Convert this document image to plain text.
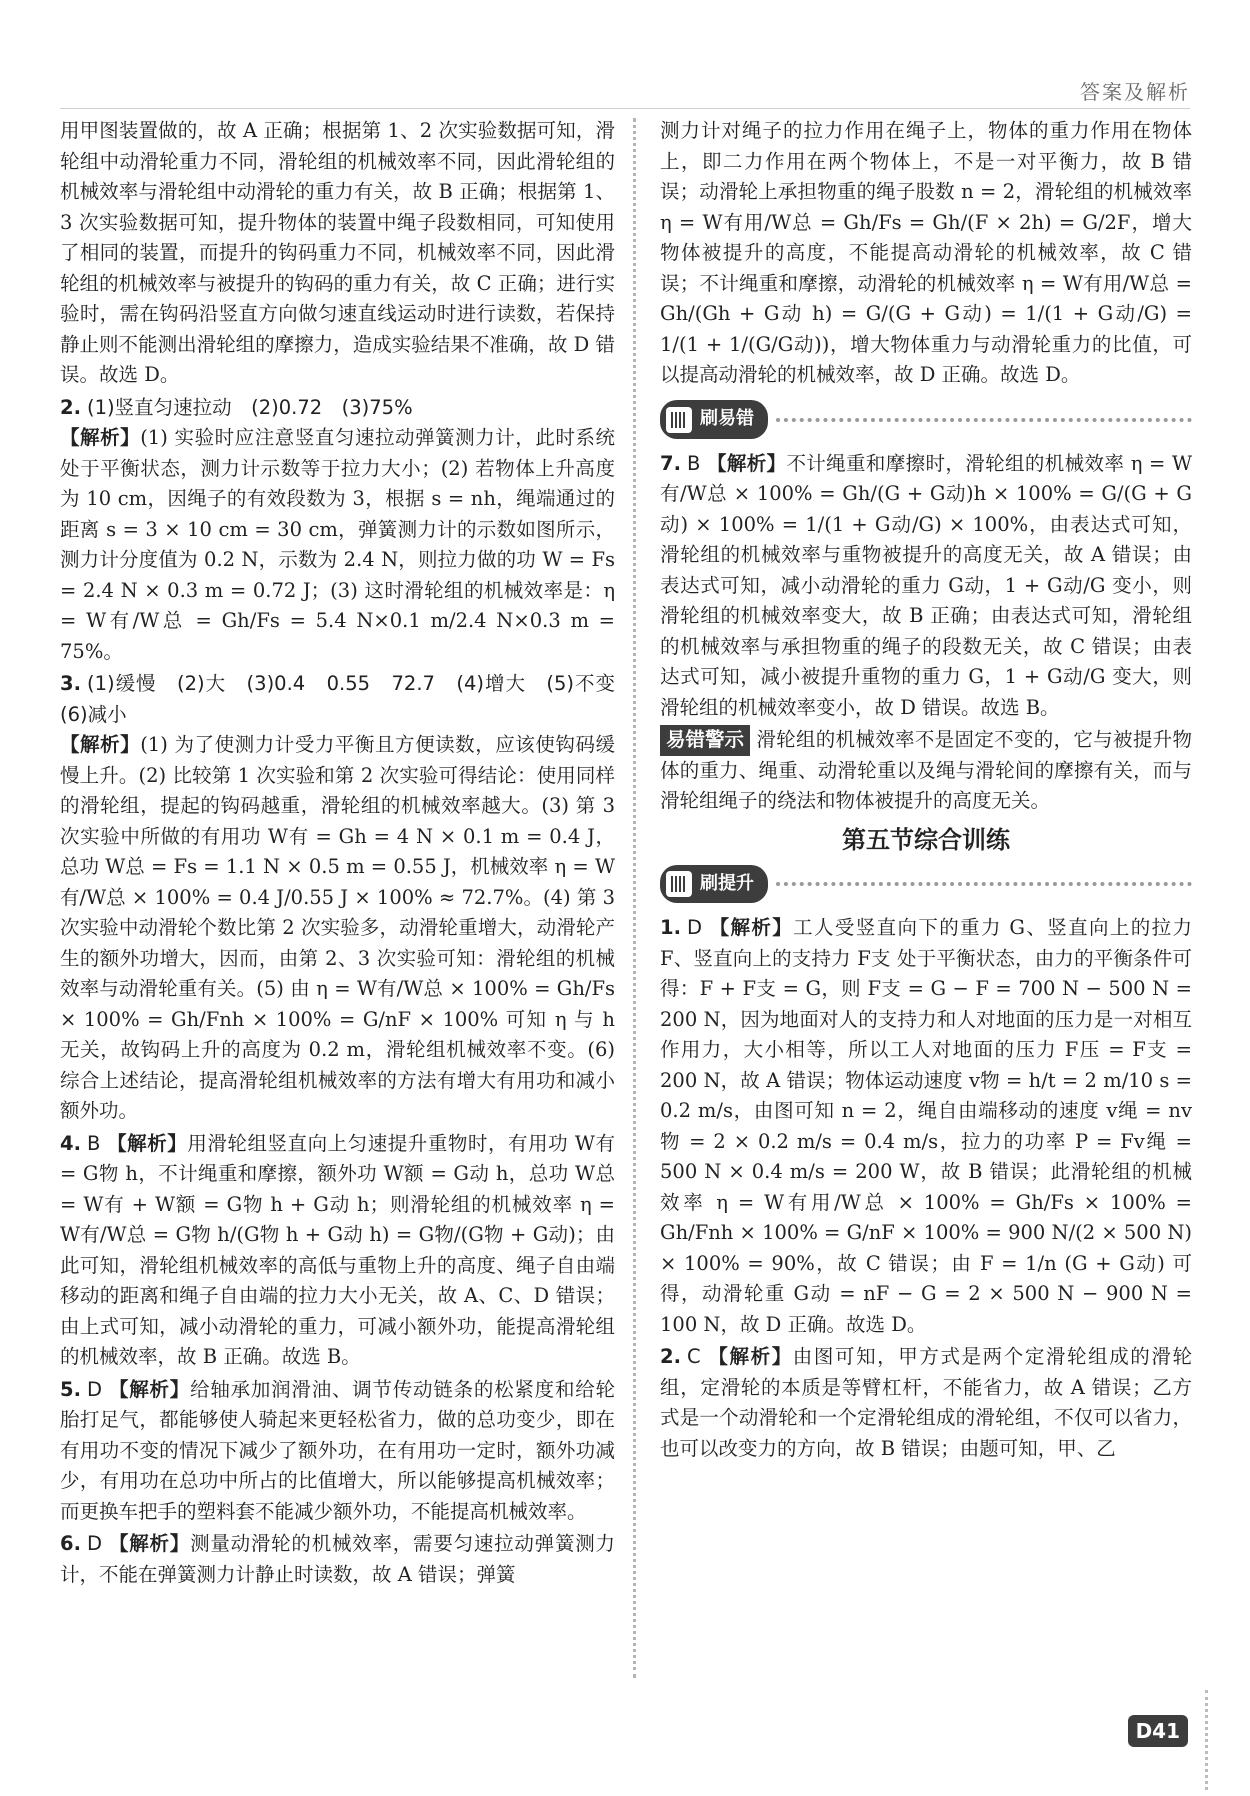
答案及解析

用甲图装置做的，故 A 正确；根据第 1、2 次实验数据可知，滑轮组中动滑轮重力不同，滑轮组的机械效率不同，因此滑轮组的机械效率与滑轮组中动滑轮的重力有关，故 B 正确；根据第 1、3 次实验数据可知，提升物体的装置中绳子段数相同，可知使用了相同的装置，而提升的钩码重力不同，机械效率不同，因此滑轮组的机械效率与被提升的钩码的重力有关，故 C 正确；进行实验时，需在钩码沿竖直方向做匀速直线运动时进行读数，若保持静止则不能测出滑轮组的摩擦力，造成实验结果不准确，故 D 错误。故选 D。

2. (1)竖直匀速拉动　(2)0.72　(3)75%
【解析】(1) 实验时应注意竖直匀速拉动弹簧测力计，此时系统处于平衡状态，测力计示数等于拉力大小；(2) 若物体上升高度为 10 cm，因绳子的有效段数为 3，根据 s = nh，绳端通过的距离 s = 3 × 10 cm = 30 cm，弹簧测力计的示数如图所示，测力计分度值为 0.2 N，示数为 2.4 N，则拉力做的功 W = Fs = 2.4 N × 0.3 m = 0.72 J；(3) 这时滑轮组的机械效率是：η = W有/W总 = Gh/Fs = 5.4 N×0.1 m/2.4 N×0.3 m = 75%。

3. (1)缓慢　(2)大　(3)0.4　0.55　72.7　(4)增大　(5)不变　(6)减小
【解析】(1) 为了使测力计受力平衡且方便读数，应该使钩码缓慢上升。(2) 比较第 1 次实验和第 2 次实验可得结论：使用同样的滑轮组，提起的钩码越重，滑轮组的机械效率越大。(3) 第 3 次实验中所做的有用功 W有 = Gh = 4 N × 0.1 m = 0.4 J，总功 W总 = Fs = 1.1 N × 0.5 m = 0.55 J，机械效率 η = W有/W总 × 100% = 0.4 J/0.55 J × 100% ≈ 72.7%。(4) 第 3 次实验中动滑轮个数比第 2 次实验多，动滑轮重增大，动滑轮产生的额外功增大，因而，由第 2、3 次实验可知：滑轮组的机械效率与动滑轮重有关。(5) 由 η = W有/W总 × 100% = Gh/Fs × 100% = Gh/Fnh × 100% = G/nF × 100% 可知 η 与 h 无关，故钩码上升的高度为 0.2 m，滑轮组机械效率不变。(6) 综合上述结论，提高滑轮组机械效率的方法有增大有用功和减小额外功。

4. B 【解析】用滑轮组竖直向上匀速提升重物时，有用功 W有 = G物 h，不计绳重和摩擦，额外功 W额 = G动 h，总功 W总 = W有 + W额 = G物 h + G动 h；则滑轮组的机械效率 η = W有/W总 = G物 h/(G物 h + G动 h) = G物/(G物 + G动)；由此可知，滑轮组机械效率的高低与重物上升的高度、绳子自由端移动的距离和绳子自由端的拉力大小无关，故 A、C、D 错误；由上式可知，减小动滑轮的重力，可减小额外功，能提高滑轮组的机械效率，故 B 正确。故选 B。

5. D 【解析】给轴承加润滑油、调节传动链条的松紧度和给轮胎打足气，都能够使人骑起来更轻松省力，做的总功变少，即在有用功不变的情况下减少了额外功，在有用功一定时，额外功减少，有用功在总功中所占的比值增大，所以能够提高机械效率；而更换车把手的塑料套不能减少额外功，不能提高机械效率。

6. D 【解析】测量动滑轮的机械效率，需要匀速拉动弹簧测力计，不能在弹簧测力计静止时读数，故 A 错误；弹簧

测力计对绳子的拉力作用在绳子上，物体的重力作用在物体上，即二力作用在两个物体上，不是一对平衡力，故 B 错误；动滑轮上承担物重的绳子股数 n = 2，滑轮组的机械效率 η = W有用/W总 = Gh/Fs = Gh/(F × 2h) = G/2F，增大物体被提升的高度，不能提高动滑轮的机械效率，故 C 错误；不计绳重和摩擦，动滑轮的机械效率 η = W有用/W总 = Gh/(Gh + G动 h) = G/(G + G动) = 1/(1 + G动/G) = 1/(1 + 1/(G/G动))，增大物体重力与动滑轮重力的比值，可以提高动滑轮的机械效率，故 D 正确。故选 D。

刷易错

7. B 【解析】不计绳重和摩擦时，滑轮组的机械效率 η = W有/W总 × 100% = Gh/(G + G动)h × 100% = G/(G + G动) × 100% = 1/(1 + G动/G) × 100%，由表达式可知，滑轮组的机械效率与重物被提升的高度无关，故 A 错误；由表达式可知，减小动滑轮的重力 G动，1 + G动/G 变小，则滑轮组的机械效率变大，故 B 正确；由表达式可知，滑轮组的机械效率与承担物重的绳子的段数无关，故 C 错误；由表达式可知，减小被提升重物的重力 G，1 + G动/G 变大，则滑轮组的机械效率变小，故 D 错误。故选 B。

易错警示 滑轮组的机械效率不是固定不变的，它与被提升物体的重力、绳重、动滑轮重以及绳与滑轮间的摩擦有关，而与滑轮组绳子的绕法和物体被提升的高度无关。

第五节综合训练
刷提升

1. D 【解析】工人受竖直向下的重力 G、竖直向上的拉力 F、竖直向上的支持力 F支 处于平衡状态，由力的平衡条件可得：F + F支 = G，则 F支 = G − F = 700 N − 500 N = 200 N，因为地面对人的支持力和人对地面的压力是一对相互作用力，大小相等，所以工人对地面的压力 F压 = F支 = 200 N，故 A 错误；物体运动速度 v物 = h/t = 2 m/10 s = 0.2 m/s，由图可知 n = 2，绳自由端移动的速度 v绳 = nv物 = 2 × 0.2 m/s = 0.4 m/s，拉力的功率 P = Fv绳 = 500 N × 0.4 m/s = 200 W，故 B 错误；此滑轮组的机械效率 η = W有用/W总 × 100% = Gh/Fs × 100% = Gh/Fnh × 100% = G/nF × 100% = 900 N/(2 × 500 N) × 100% = 90%，故 C 错误；由 F = 1/n (G + G动) 可得，动滑轮重 G动 = nF − G = 2 × 500 N − 900 N = 100 N，故 D 正确。故选 D。

2. C 【解析】由图可知，甲方式是两个定滑轮组成的滑轮组，定滑轮的本质是等臂杠杆，不能省力，故 A 错误；乙方式是一个动滑轮和一个定滑轮组成的滑轮组，不仅可以省力，也可以改变力的方向，故 B 错误；由题可知，甲、乙

D41
